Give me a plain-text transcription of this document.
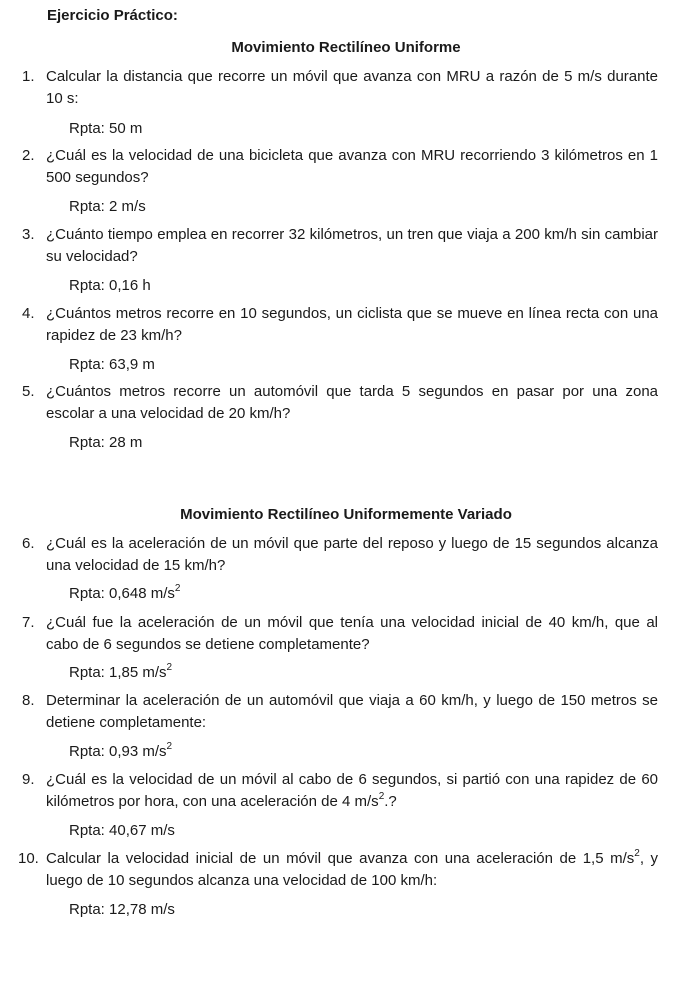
Ejercicio Práctico:
Movimiento Rectilíneo Uniforme
1. Calcular la distancia que recorre un móvil que avanza con MRU a razón de 5 m/s durante 10 s:
Rpta: 50 m
2. ¿Cuál es la velocidad de una bicicleta que avanza con MRU recorriendo 3 kilómetros en 1 500 segundos?
Rpta: 2 m/s
3. ¿Cuánto tiempo emplea en recorrer 32 kilómetros, un tren que viaja a 200 km/h sin cambiar su velocidad?
Rpta: 0,16 h
4. ¿Cuántos metros recorre en 10 segundos, un ciclista que se mueve en línea recta con una rapidez de 23 km/h?
Rpta: 63,9 m
5. ¿Cuántos metros recorre un automóvil que tarda 5 segundos en pasar por una zona escolar a una velocidad de 20 km/h?
Rpta: 28 m
Movimiento Rectilíneo Uniformemente Variado
6. ¿Cuál es la aceleración de un móvil que parte del reposo y luego de 15 segundos alcanza una velocidad de 15 km/h?
Rpta: 0,648 $m/s^2$
7. ¿Cuál fue la aceleración de un móvil que tenía una velocidad inicial de 40 km/h, que al cabo de 6 segundos se detiene completamente?
Rpta: 1,85 $m/s^2$
8. Determinar la aceleración de un automóvil que viaja a 60 km/h, y luego de 150 metros se detiene completamente:
Rpta: 0,93 $m/s^2$
9. ¿Cuál es la velocidad de un móvil al cabo de 6 segundos, si partió con una rapidez de 60 kilómetros por hora, con una aceleración de 4 $m/s^2$.?
Rpta: 40,67 m/s
10. Calcular la velocidad inicial de un móvil que avanza con una aceleración de 1,5 $m/s^2$, y luego de 10 segundos alcanza una velocidad de 100 km/h:
Rpta: 12,78 m/s
